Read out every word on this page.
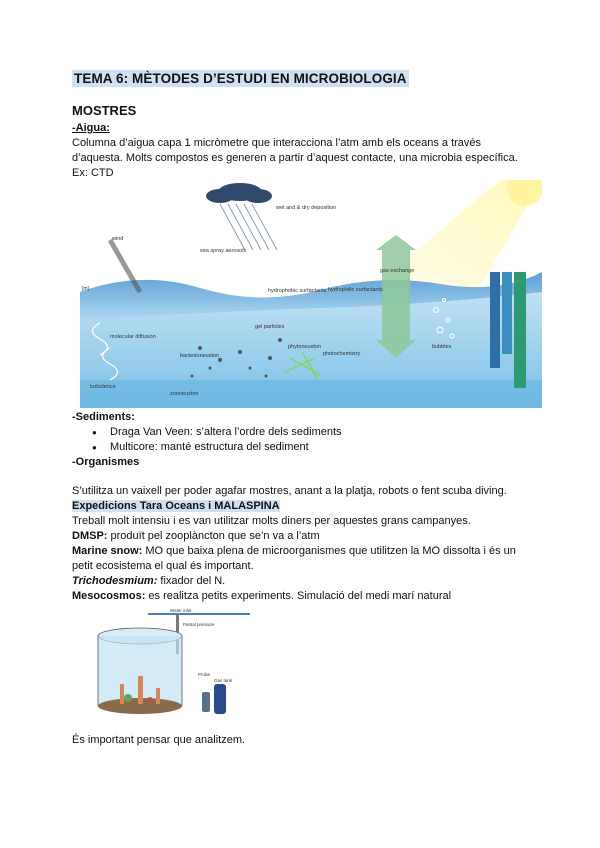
TEMA 6: MÈTODES D’ESTUDI EN MICROBIOLOGIA
MOSTRES
-Aigua:
Columna d’aigua capa 1 micròmetre que interacciona l’atm amb els oceans a través
d’aquesta. Molts compostos es generen a partir d’aquest contacte, una microbia específica.
Ex: CTD
wet and & dry deposition
wind
sea spray aerosols
gas exchange
hydrophobic surfactants hydrophilic surfactants
gel particles
molecular diffusion
bacterioneuston
phytoneuston
photochemistry
bubbles
turbulence
zooneuston
[m]
-Sediments:
● Draga Van Veen: s’altera l’ordre dels sediments
● Multicore: manté estructura del sediment
-Organismes
S’utilitza un vaixell per poder agafar mostres, anant a la platja, robots o fent scuba diving.
Expedicions Tara Oceans i MALASPINA
Treball molt intensiu i es van utilitzar molts diners per aquestes grans campanyes.
DMSP: produït pel zooplàncton que se’n va a l’atm
Marine snow: MO que baixa plena de microorganismes que utilitzen la MO dissolta i és un
petit ecosistema el qual és important.
Trichodesmium: fixador del N.
Mesocosmos: es realitza petits experiments. Simulació del medi marí natural
Water inlet
Partial pressure
Probe
Gas tank
És important pensar que analitzem.
